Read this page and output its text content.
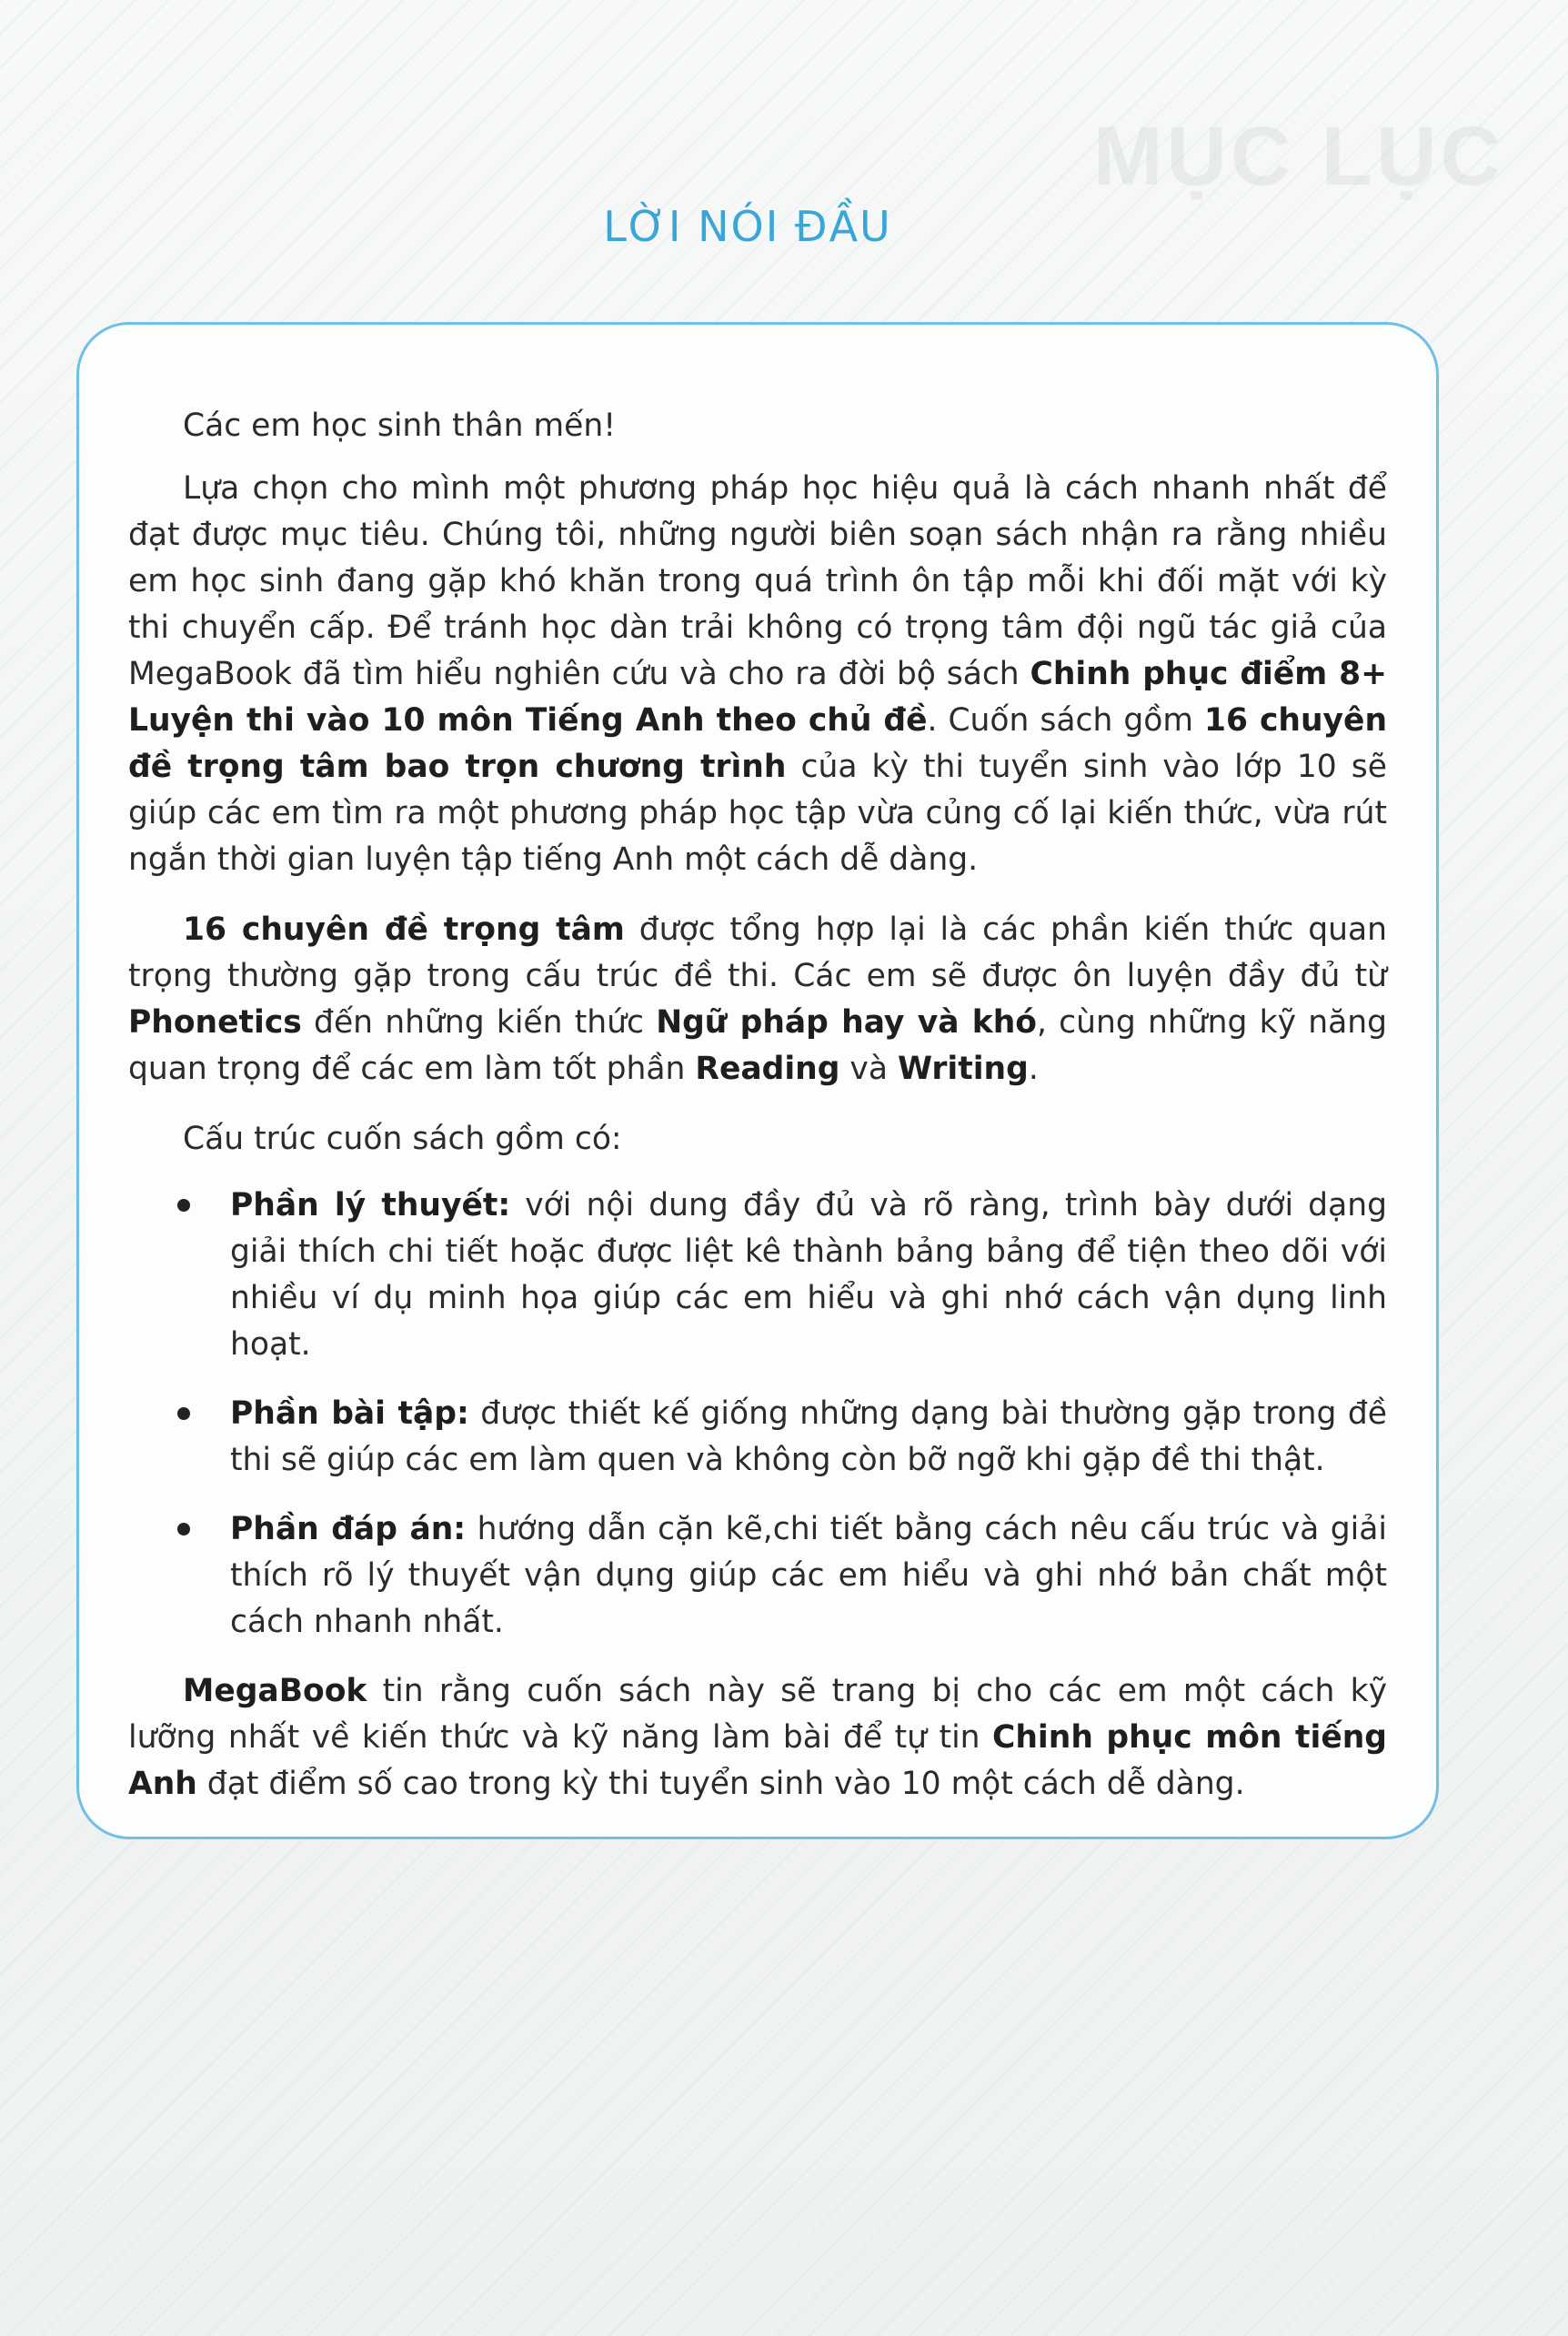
MỤC LỤC
LỜI NÓI ĐẦU

Các em học sinh thân mến!

Lựa chọn cho mình một phương pháp học hiệu quả là cách nhanh nhất để đạt được mục tiêu. Chúng tôi, những người biên soạn sách nhận ra rằng nhiều em học sinh đang gặp khó khăn trong quá trình ôn tập mỗi khi đối mặt với kỳ thi chuyển cấp. Để tránh học dàn trải không có trọng tâm đội ngũ tác giả của MegaBook đã tìm hiểu nghiên cứu và cho ra đời bộ sách Chinh phục điểm 8+ Luyện thi vào 10 môn Tiếng Anh theo chủ đề. Cuốn sách gồm 16 chuyên đề trọng tâm bao trọn chương trình của kỳ thi tuyển sinh vào lớp 10 sẽ giúp các em tìm ra một phương pháp học tập vừa củng cố lại kiến thức, vừa rút ngắn thời gian luyện tập tiếng Anh một cách dễ dàng.

16 chuyên đề trọng tâm được tổng hợp lại là các phần kiến thức quan trọng thường gặp trong cấu trúc đề thi. Các em sẽ được ôn luyện đầy đủ từ Phonetics đến những kiến thức Ngữ pháp hay và khó, cùng những kỹ năng quan trọng để các em làm tốt phần Reading và Writing.

Cấu trúc cuốn sách gồm có:

Phần lý thuyết: với nội dung đầy đủ và rõ ràng, trình bày dưới dạng giải thích chi tiết hoặc được liệt kê thành bảng bảng để tiện theo dõi với nhiều ví dụ minh họa giúp các em hiểu và ghi nhớ cách vận dụng linh hoạt.
Phần bài tập: được thiết kế giống những dạng bài thường gặp trong đề thi sẽ giúp các em làm quen và không còn bỡ ngỡ khi gặp đề thi thật.
Phần đáp án: hướng dẫn cặn kẽ,chi tiết bằng cách nêu cấu trúc và giải thích rõ lý thuyết vận dụng giúp các em hiểu và ghi nhớ bản chất một cách nhanh nhất.

MegaBook tin rằng cuốn sách này sẽ trang bị cho các em một cách kỹ lưỡng nhất về kiến thức và kỹ năng làm bài để tự tin Chinh phục môn tiếng Anh đạt điểm số cao trong kỳ thi tuyển sinh vào 10 một cách dễ dàng.
